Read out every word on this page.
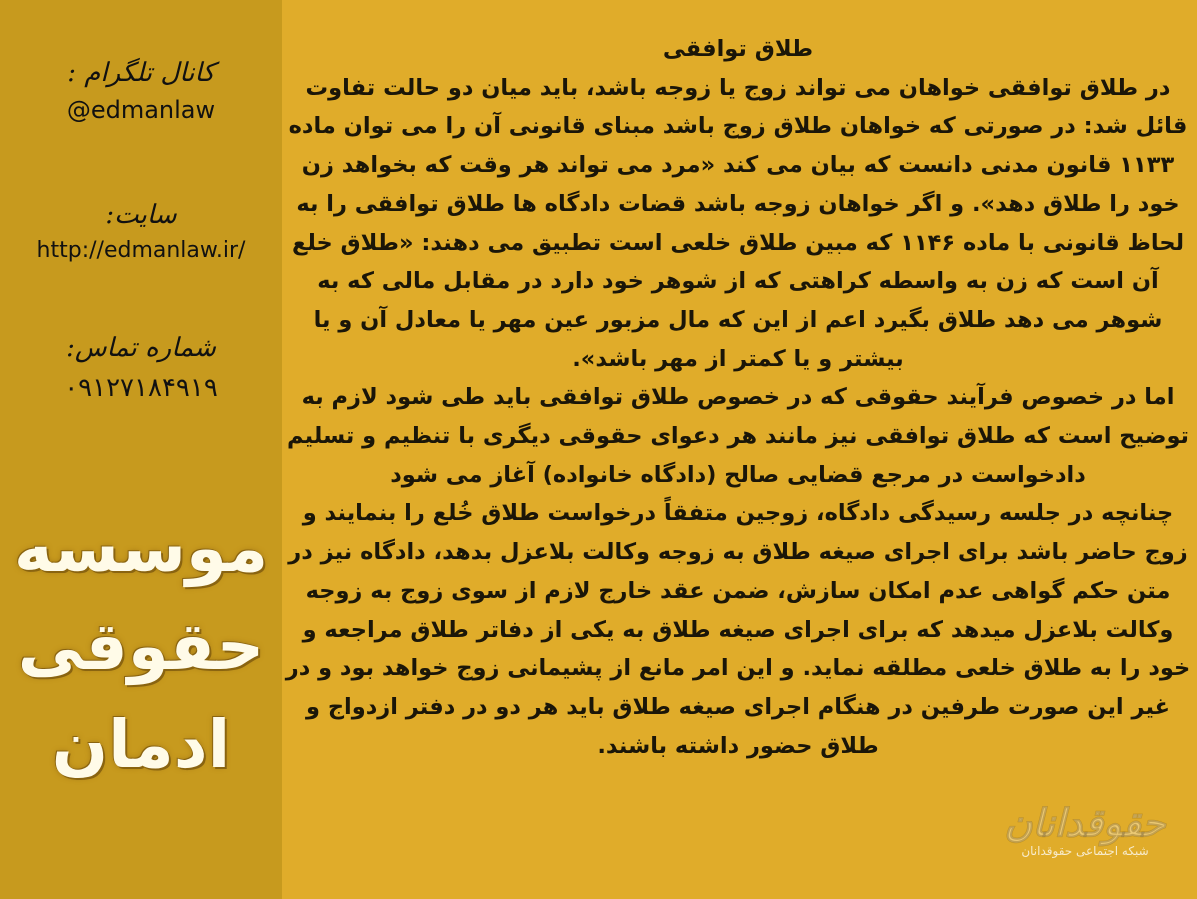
کانال تلگرام :
@edmanlaw
سایت:
http://edmanlaw.ir/
شماره تماس:
۰۹۱۲۷۱۸۴۹۱۹
موسسه
حقوقی
ادمان

طلاق توافقی

در طلاق توافقی خواهان می تواند زوج یا زوجه باشد، باید میان دو حالت تفاوت قائل شد: در صورتی که خواهان طلاق زوج باشد مبنای قانونی آن را می توان ماده ۱۱۳۳ قانون مدنی دانست که بیان می کند «مرد می تواند هر وقت که بخواهد زن خود را طلاق دهد». و اگر خواهان زوجه باشد قضات دادگاه ها طلاق توافقی را به لحاظ قانونی با ماده ۱۱۴۶ که مبین طلاق خلعی است تطبیق می دهند: «طلاق خلع آن است که زن به واسطه کراهتی که از شوهر خود دارد در مقابل مالی که به شوهر می دهد طلاق بگیرد اعم از این که مال مزبور عین مهر یا معادل آن و یا بیشتر و یا کمتر از مهر باشد».

اما در خصوص فرآیند حقوقی که در خصوص طلاق توافقی باید طی شود لازم به توضیح است که طلاق توافقی نیز مانند هر دعوای حقوقی دیگری با تنظیم و تسلیم دادخواست در مرجع قضایی صالح (دادگاه خانواده) آغاز می شود

چنانچه در جلسه رسیدگی دادگاه، زوجین متفقاً درخواست طلاق خُلع را بنمایند و زوج حاضر باشد برای اجرای صیغه طلاق به زوجه وکالت بلاعزل بدهد، دادگاه نیز در متن حکم گواهی عدم امکان سازش، ضمن عقد خارج لازم از سوی زوج به زوجه وکالت بلاعزل میدهد که برای اجرای صیغه طلاق به یکی از دفاتر طلاق مراجعه و خود را به طلاق خلعی مطلقه نماید. و این امر مانع از پشیمانی زوج خواهد بود و در غیر این صورت طرفین در هنگام اجرای صیغه طلاق باید هر دو در دفتر ازدواج و طلاق حضور داشته باشند.

حقوقدانان
شبکه اجتماعی حقوقدانان
